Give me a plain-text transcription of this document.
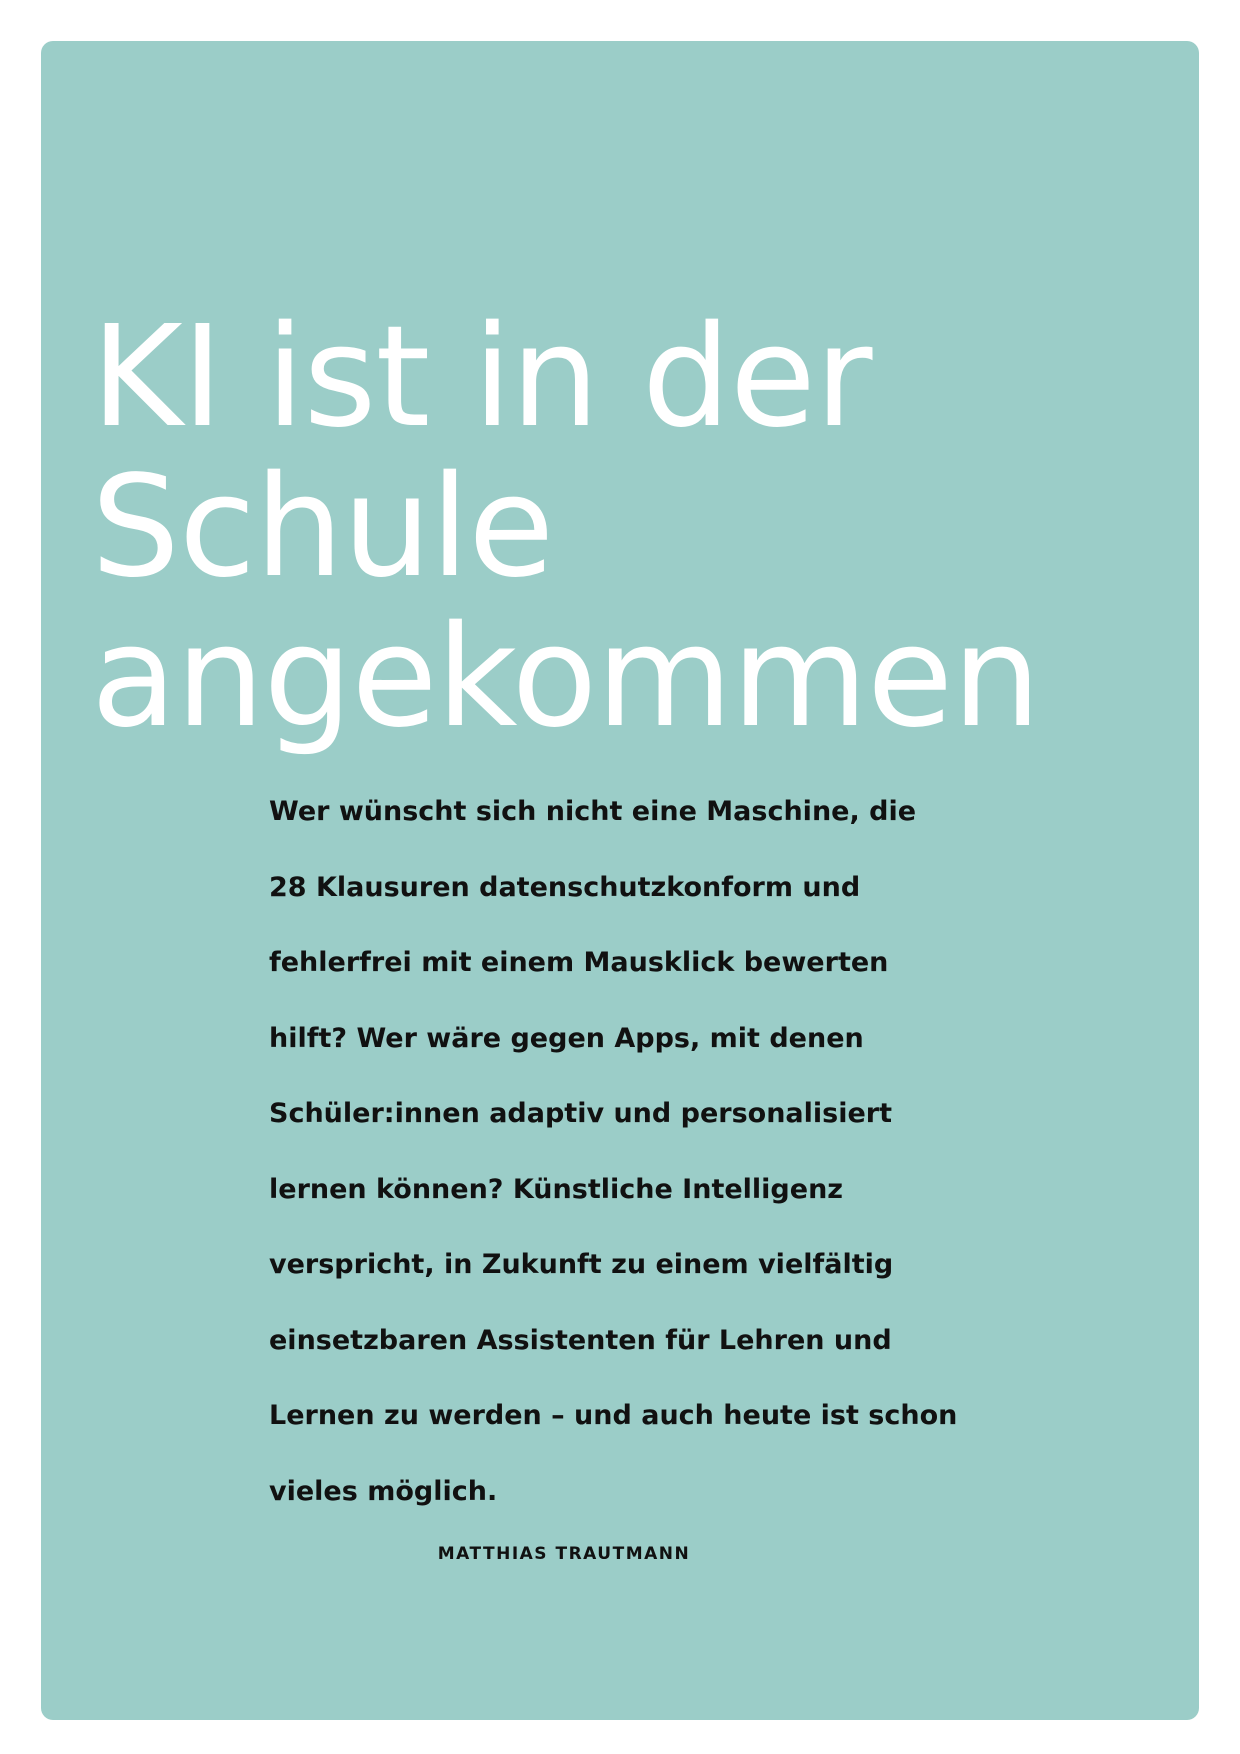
KI ist in der
Schule
angekommen

Wer wünscht sich nicht eine Maschine, die
28 Klausuren datenschutzkonform und
fehlerfrei mit einem Mausklick bewerten
hilft? Wer wäre gegen Apps, mit denen
Schüler:innen adaptiv und personalisiert
lernen können? Künstliche Intelligenz
verspricht, in Zukunft zu einem vielfältig
einsetzbaren Assistenten für Lehren und
Lernen zu werden – und auch heute ist schon
vieles möglich.

MATTHIAS TRAUTMANN
